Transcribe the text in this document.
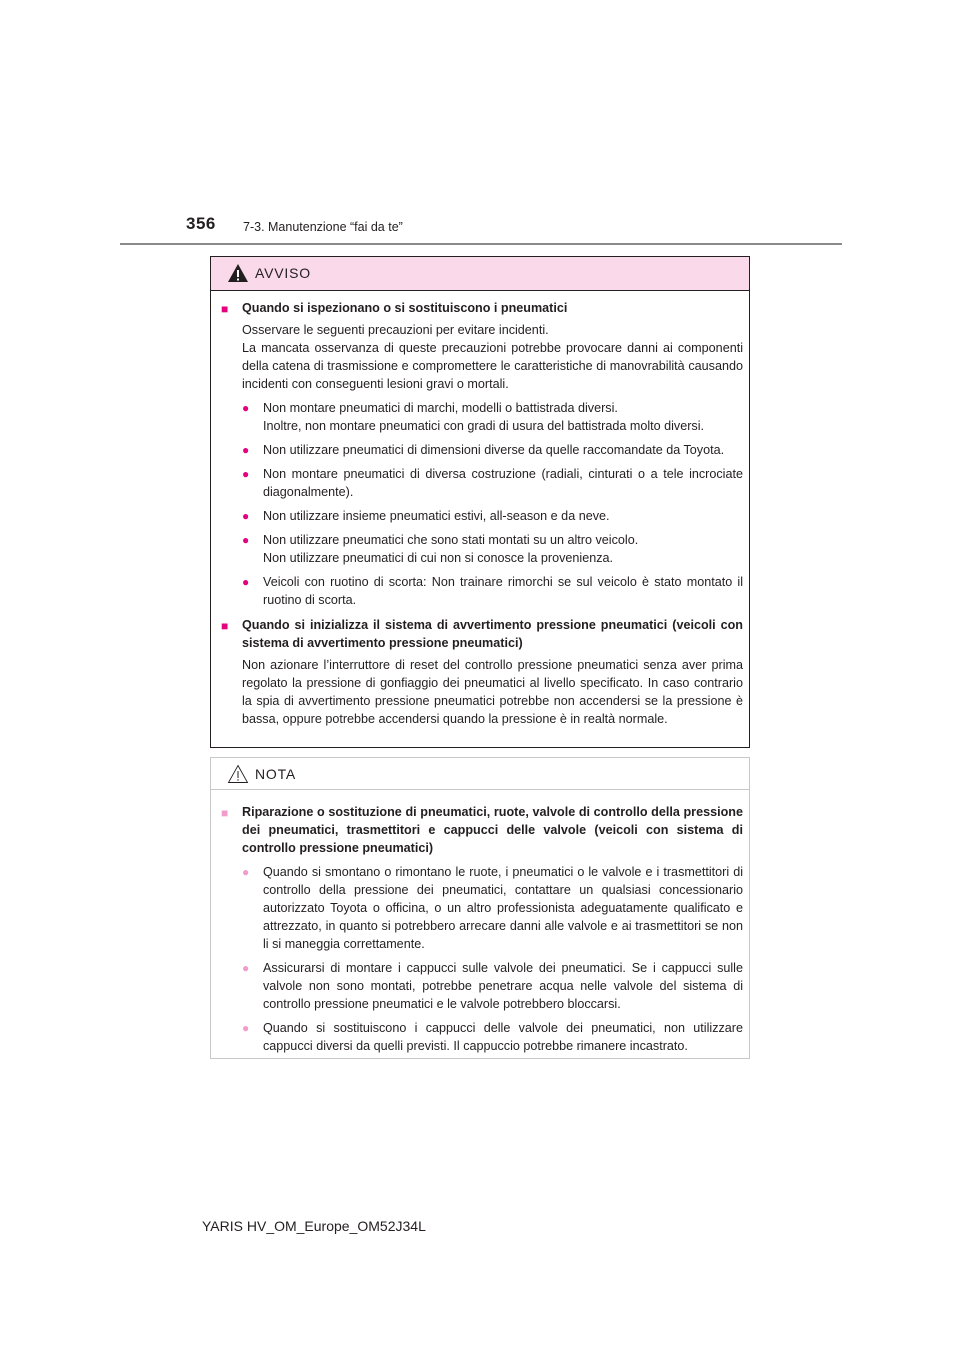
356 7-3. Manutenzione “fai da te”
AVVISO
■ Quando si ispezionano o si sostituiscono i pneumatici
Osservare le seguenti precauzioni per evitare incidenti.
La mancata osservanza di queste precauzioni potrebbe provocare danni ai componenti della catena di trasmissione e compromettere le caratteristiche di manovrabilità causando incidenti con conseguenti lesioni gravi o mortali.
● Non montare pneumatici di marchi, modelli o battistrada diversi.
Inoltre, non montare pneumatici con gradi di usura del battistrada molto diversi.
● Non utilizzare pneumatici di dimensioni diverse da quelle raccomandate da Toyota.
● Non montare pneumatici di diversa costruzione (radiali, cinturati o a tele incrociate diagonalmente).
● Non utilizzare insieme pneumatici estivi, all-season e da neve.
● Non utilizzare pneumatici che sono stati montati su un altro veicolo.
Non utilizzare pneumatici di cui non si conosce la provenienza.
● Veicoli con ruotino di scorta: Non trainare rimorchi se sul veicolo è stato montato il ruotino di scorta.
■ Quando si inizializza il sistema di avvertimento pressione pneumatici (veicoli con sistema di avvertimento pressione pneumatici)
Non azionare l’interruttore di reset del controllo pressione pneumatici senza aver prima regolato la pressione di gonfiaggio dei pneumatici al livello specificato. In caso contrario la spia di avvertimento pressione pneumatici potrebbe non accendersi se la pressione è bassa, oppure potrebbe accendersi quando la pressione è in realtà normale.
NOTA
■ Riparazione o sostituzione di pneumatici, ruote, valvole di controllo della pressione dei pneumatici, trasmettitori e cappucci delle valvole (veicoli con sistema di controllo pressione pneumatici)
● Quando si smontano o rimontano le ruote, i pneumatici o le valvole e i trasmettitori di controllo della pressione dei pneumatici, contattare un qualsiasi concessionario autorizzato Toyota o officina, o un altro professionista adeguatamente qualificato e attrezzato, in quanto si potrebbero arrecare danni alle valvole e ai trasmettitori se non li si maneggia correttamente.
● Assicurarsi di montare i cappucci sulle valvole dei pneumatici. Se i cappucci sulle valvole non sono montati, potrebbe penetrare acqua nelle valvole del sistema di controllo pressione pneumatici e le valvole potrebbero bloccarsi.
● Quando si sostituiscono i cappucci delle valvole dei pneumatici, non utilizzare cappucci diversi da quelli previsti. Il cappuccio potrebbe rimanere incastrato.
YARIS HV_OM_Europe_OM52J34L
